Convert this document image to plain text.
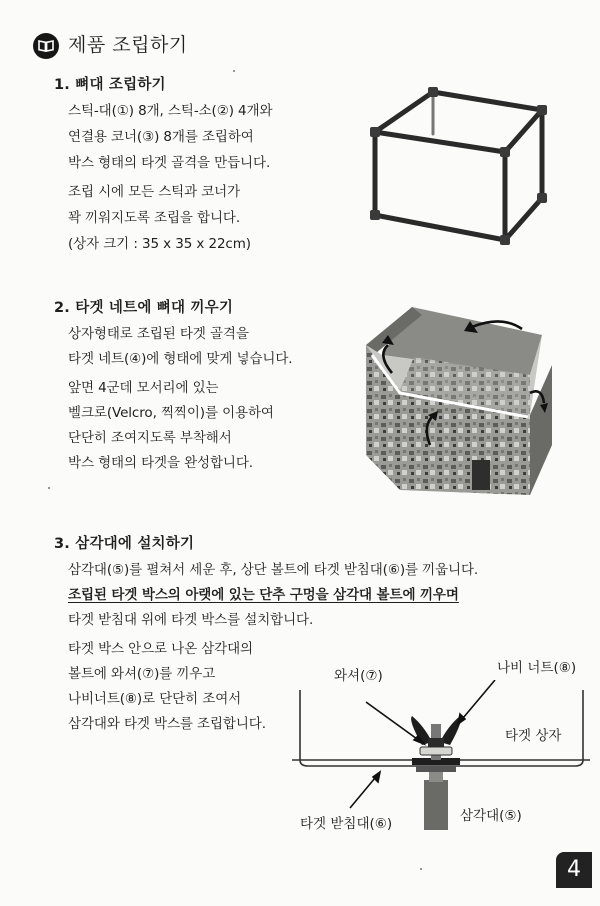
제품 조립하기
1. 뼈대 조립하기
스틱-대(①) 8개, 스틱-소(②) 4개와
연결용 코너(③) 8개를 조립하여
박스 형태의 타겟 골격을 만듭니다.
조립 시에 모든 스틱과 코너가
꽉 끼워지도록 조립을 합니다.
(상자 크기 : 35 x 35 x 22cm)
2. 타겟 네트에 뼈대 끼우기
상자형태로 조립된 타겟 골격을
타겟 네트(④)에 형태에 맞게 넣습니다.
앞면 4군데 모서리에 있는
벨크로(Velcro, 찍찍이)를 이용하여
단단히 조여지도록 부착해서
박스 형태의 타겟을 완성합니다.
3. 삼각대에 설치하기
삼각대(⑤)를 펼쳐서 세운 후, 상단 볼트에 타겟 받침대(⑥)를 끼웁니다.
조립된 타겟 박스의 아랫에 있는 단추 구멍을 삼각대 볼트에 끼우며
타겟 받침대 위에 타겟 박스를 설치합니다.
타겟 박스 안으로 나온 삼각대의
볼트에 와셔(⑦)를 끼우고
나비너트(⑧)로 단단히 조여서
삼각대와 타겟 박스를 조립합니다.
와셔(⑦)	나비 너트(⑧)
타겟 상자
타겟 받침대(⑥)	삼각대(⑤)
4
